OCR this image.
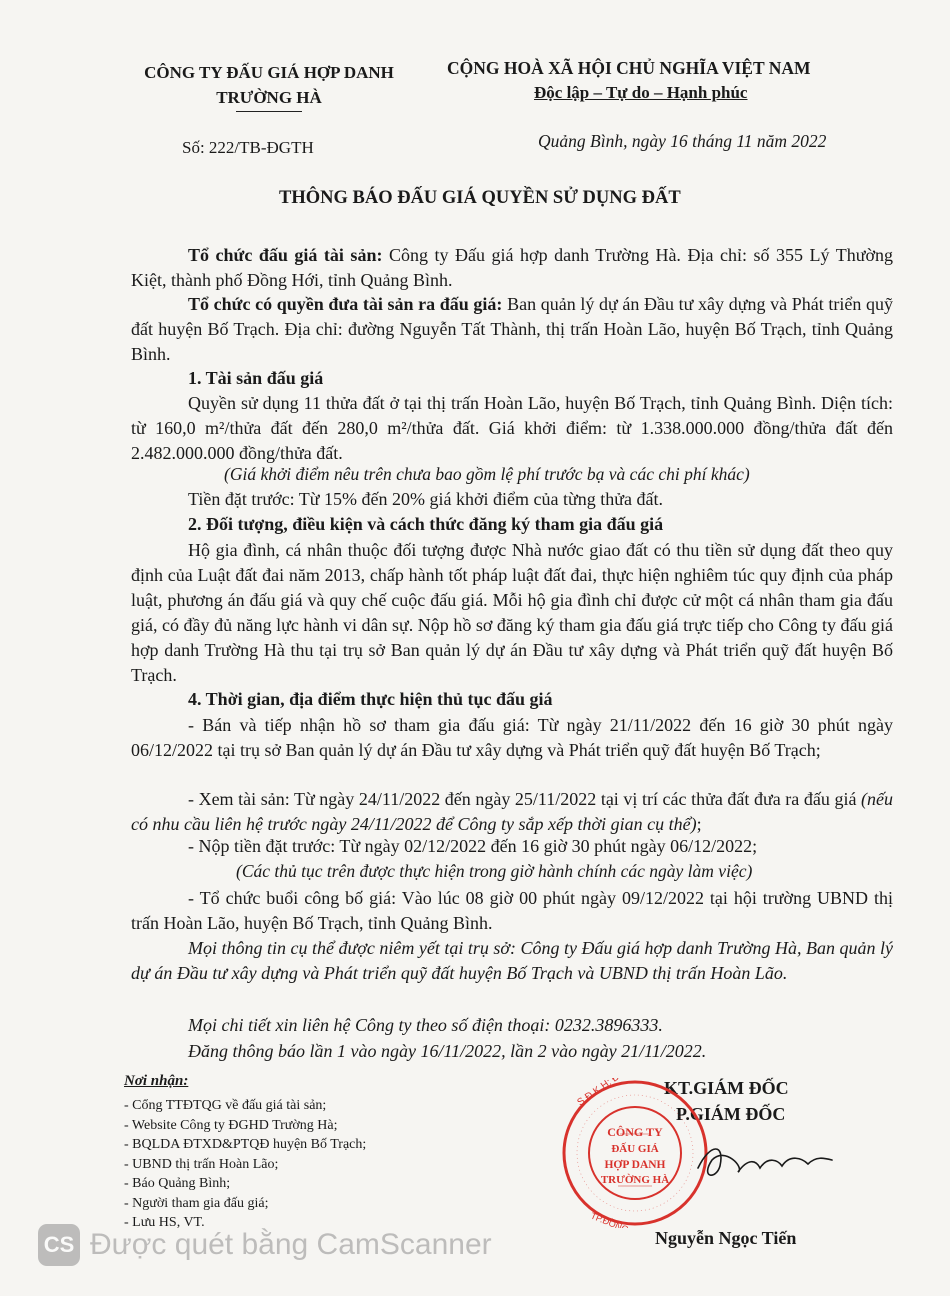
CÔNG TY ĐẤU GIÁ HỢP DANH
TRƯỜNG HÀ
Số: 222/TB-ĐGTH
CỘNG HOÀ XÃ HỘI CHỦ NGHĨA VIỆT NAM
Độc lập – Tự do – Hạnh phúc
Quảng Bình, ngày 16 tháng 11 năm 2022
THÔNG BÁO ĐẤU GIÁ QUYỀN SỬ DỤNG ĐẤT

Tổ chức đấu giá tài sản: Công ty Đấu giá hợp danh Trường Hà. Địa chỉ: số 355 Lý Thường Kiệt, thành phố Đồng Hới, tỉnh Quảng Bình.

Tổ chức có quyền đưa tài sản ra đấu giá: Ban quản lý dự án Đầu tư xây dựng và Phát triển quỹ đất huyện Bố Trạch. Địa chỉ: đường Nguyễn Tất Thành, thị trấn Hoàn Lão, huyện Bố Trạch, tỉnh Quảng Bình.

1. Tài sản đấu giá

Quyền sử dụng 11 thửa đất ở tại thị trấn Hoàn Lão, huyện Bố Trạch, tỉnh Quảng Bình. Diện tích: từ 160,0 m²/thửa đất đến 280,0 m²/thửa đất. Giá khởi điểm: từ 1.338.000.000 đồng/thửa đất đến 2.482.000.000 đồng/thửa đất.

(Giá khởi điểm nêu trên chưa bao gồm lệ phí trước bạ và các chi phí khác)
Tiền đặt trước: Từ 15% đến 20% giá khởi điểm của từng thửa đất.
2. Đối tượng, điều kiện và cách thức đăng ký tham gia đấu giá

Hộ gia đình, cá nhân thuộc đối tượng được Nhà nước giao đất có thu tiền sử dụng đất theo quy định của Luật đất đai năm 2013, chấp hành tốt pháp luật đất đai, thực hiện nghiêm túc quy định của pháp luật, phương án đấu giá và quy chế cuộc đấu giá. Mỗi hộ gia đình chỉ được cử một cá nhân tham gia đấu giá, có đầy đủ năng lực hành vi dân sự. Nộp hồ sơ đăng ký tham gia đấu giá trực tiếp cho Công ty đấu giá hợp danh Trường Hà thu tại trụ sở Ban quản lý dự án Đầu tư xây dựng và Phát triển quỹ đất huyện Bố Trạch.

4. Thời gian, địa điểm thực hiện thủ tục đấu giá

- Bán và tiếp nhận hồ sơ tham gia đấu giá: Từ ngày 21/11/2022 đến 16 giờ 30 phút ngày 06/12/2022 tại trụ sở Ban quản lý dự án Đầu tư xây dựng và Phát triển quỹ đất huyện Bố Trạch;

- Xem tài sản: Từ ngày 24/11/2022 đến ngày 25/11/2022 tại vị trí các thửa đất đưa ra đấu giá (nếu có nhu cầu liên hệ trước ngày 24/11/2022 để Công ty sắp xếp thời gian cụ thể);

- Nộp tiền đặt trước: Từ ngày 02/12/2022 đến 16 giờ 30 phút ngày 06/12/2022;
(Các thủ tục trên được thực hiện trong giờ hành chính các ngày làm việc)

- Tổ chức buổi công bố giá: Vào lúc 08 giờ 00 phút ngày 09/12/2022 tại hội trường UBND thị trấn Hoàn Lão, huyện Bố Trạch, tỉnh Quảng Bình.

Mọi thông tin cụ thể được niêm yết tại trụ sở: Công ty Đấu giá hợp danh Trường Hà, Ban quản lý dự án Đầu tư xây dựng và Phát triển quỹ đất huyện Bố Trạch và UBND thị trấn Hoàn Lão.

Mọi chi tiết xin liên hệ Công ty theo số điện thoại: 0232.3896333.
Đăng thông báo lần 1 vào ngày 16/11/2022, lần 2 vào ngày 21/11/2022.
Nơi nhận:
- Cổng TTĐTQG về đấu giá tài sản;
- Website Công ty ĐGHD Trường Hà;
- BQLDA ĐTXD&PTQĐ huyện Bố Trạch;
- UBND thị trấn Hoàn Lão;
- Báo Quảng Bình;
- Người tham gia đấu giá;
- Lưu HS, VT.
KT.GIÁM ĐỐC
P.GIÁM ĐỐC
CÔNG TY
ĐẤU GIÁ
HỢP DANH
TRƯỜNG HÀ
S.Đ.K.H: Đ: 01
Nguyễn Ngọc Tiến
CS Được quét bằng CamScanner
